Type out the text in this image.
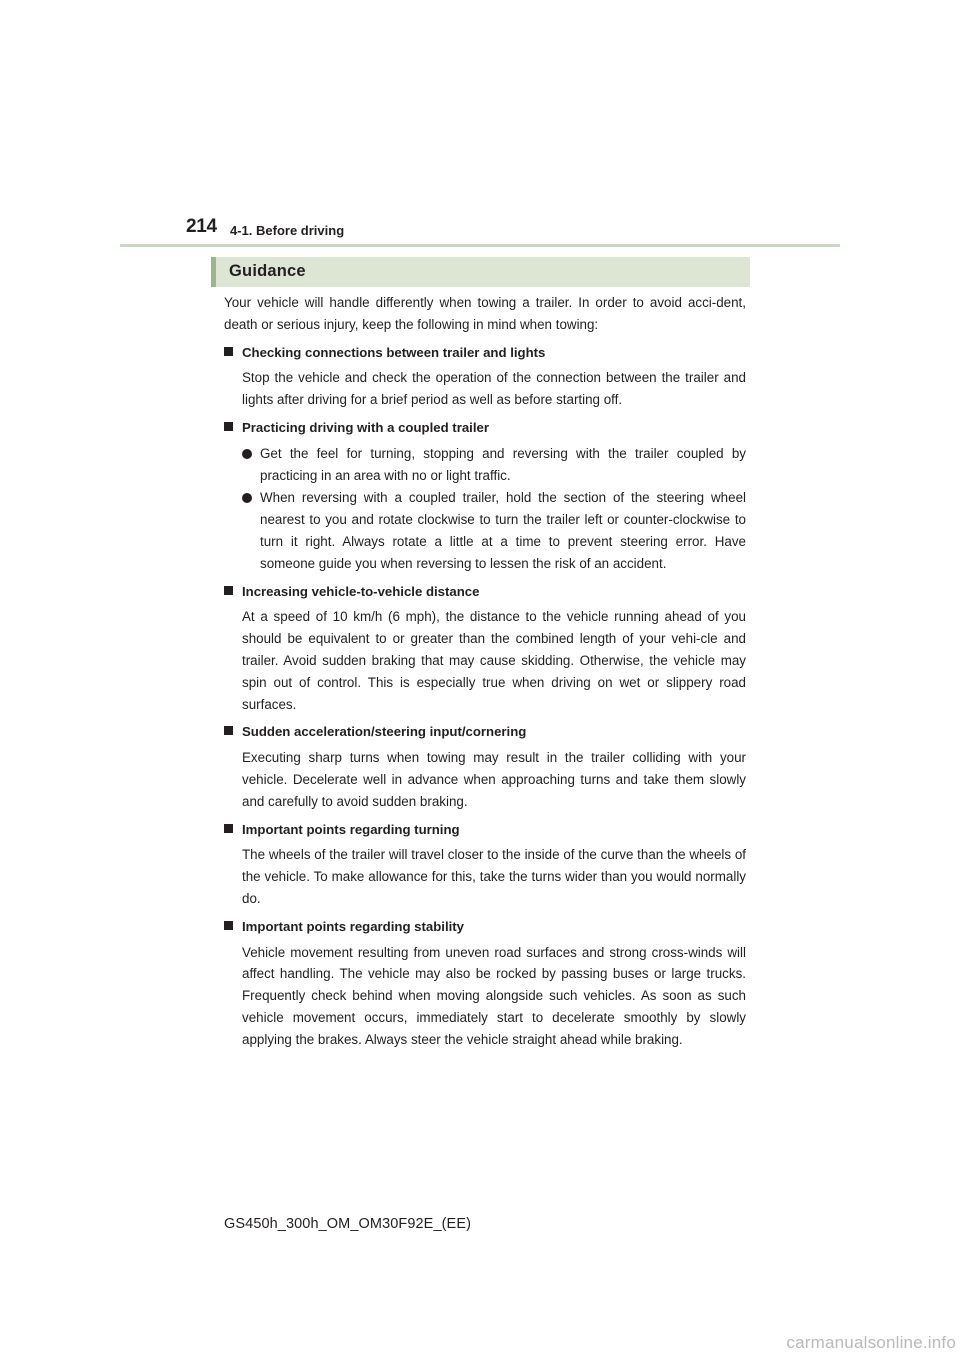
214 4-1. Before driving
Guidance

Your vehicle will handle differently when towing a trailer. In order to avoid acci-dent, death or serious injury, keep the following in mind when towing:

Checking connections between trailer and lights
Stop the vehicle and check the operation of the connection between the trailer and lights after driving for a brief period as well as before starting off.
Practicing driving with a coupled trailer
Get the feel for turning, stopping and reversing with the trailer coupled by practicing in an area with no or light traffic.
When reversing with a coupled trailer, hold the section of the steering wheel nearest to you and rotate clockwise to turn the trailer left or counter-clockwise to turn it right. Always rotate a little at a time to prevent steering error. Have someone guide you when reversing to lessen the risk of an accident.
Increasing vehicle-to-vehicle distance
At a speed of 10 km/h (6 mph), the distance to the vehicle running ahead of you should be equivalent to or greater than the combined length of your vehi-cle and trailer. Avoid sudden braking that may cause skidding. Otherwise, the vehicle may spin out of control. This is especially true when driving on wet or slippery road surfaces.
Sudden acceleration/steering input/cornering
Executing sharp turns when towing may result in the trailer colliding with your vehicle. Decelerate well in advance when approaching turns and take them slowly and carefully to avoid sudden braking.
Important points regarding turning
The wheels of the trailer will travel closer to the inside of the curve than the wheels of the vehicle. To make allowance for this, take the turns wider than you would normally do.
Important points regarding stability
Vehicle movement resulting from uneven road surfaces and strong cross-winds will affect handling. The vehicle may also be rocked by passing buses or large trucks. Frequently check behind when moving alongside such vehicles. As soon as such vehicle movement occurs, immediately start to decelerate smoothly by slowly applying the brakes. Always steer the vehicle straight ahead while braking.
GS450h_300h_OM_OM30F92E_(EE)
carmanualsonline.info
